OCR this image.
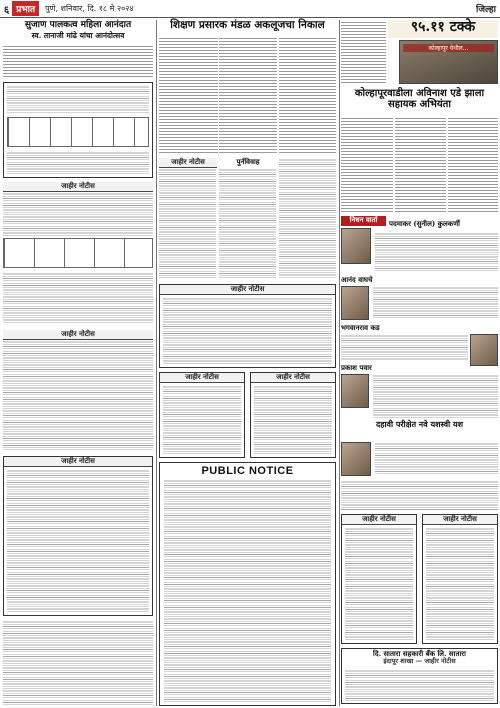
६ प्रभात	पुणे, शनिवार, दि. १८ मे २०२४	जिल्हा
सुजाण पालकत्व महिला आनंदात
स्व. तानाजी मांढे यांचा आनंदोत्सव
जाहीर नोटीस
जाहीर नोटीस
जाहीर नोटीस
शिक्षण प्रसारक मंडळ अकलूजचा निकाल
जाहीर नोटीस	पुर्नविवाह
जाहीर नोटीस
जाहीर नोटीस	जाहीर नोटीस
PUBLIC NOTICE
९५.११ टक्के
कोल्हापूर येथील...
कोल्हापूरवाडीला अविनाश एडे झाला सहायक अभियंता
निधन वार्ता	पदमाकर (सुनील) कुलकर्णी
आनंद वाघचे
भगवानराव कड
प्रकाश पवार
दहावी परीक्षेत नवे यशस्वी यश
जाहीर नोटीस	जाहीर नोटीस
दि. सातारा सहकारी बँक लि. सातारा
इंदापूर शाखा — जाहीर नोटीस
